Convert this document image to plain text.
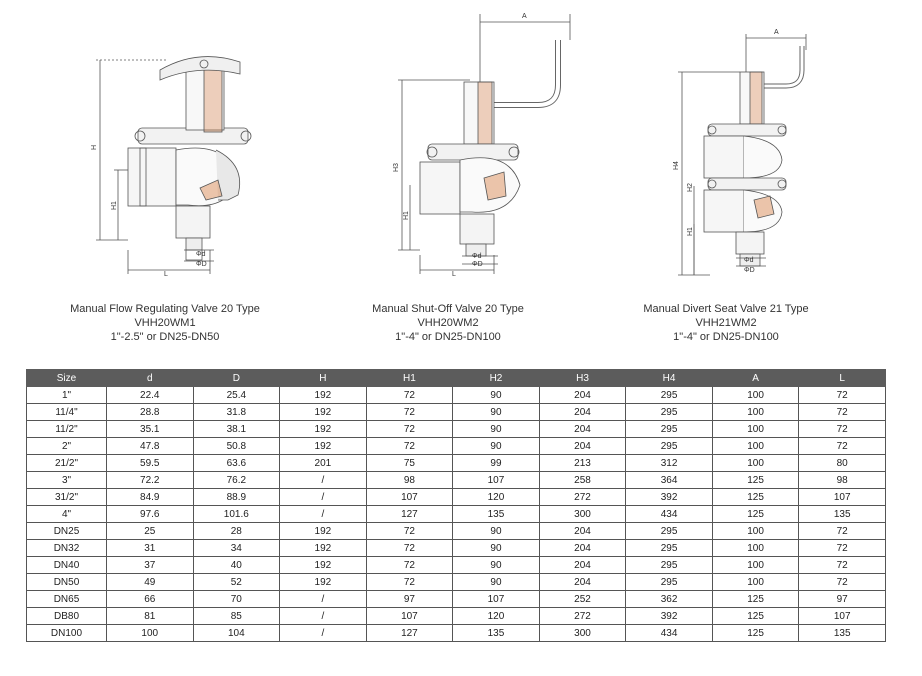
H
H1
Φd
ΦD
L
A
H3
H1
Φd
ΦD
L
A
H4
H2
H1
Φd
ΦD
Manual Flow Regulating Valve 20 Type
VHH20WM1
1"-2.5" or DN25-DN50
Manual Shut-Off Valve 20 Type
VHH20WM2
1"-4" or DN25-DN100
Manual Divert Seat Valve 21 Type
VHH21WM2
1"-4" or DN25-DN100
Size	d	D	H	H1	H2	H3	H4	A	L
1"	22.4	25.4	192	72	90	204	295	100	72
11/4"	28.8	31.8	192	72	90	204	295	100	72
11/2"	35.1	38.1	192	72	90	204	295	100	72
2"	47.8	50.8	192	72	90	204	295	100	72
21/2"	59.5	63.6	201	75	99	213	312	100	80
3"	72.2	76.2	/	98	107	258	364	125	98
31/2"	84.9	88.9	/	107	120	272	392	125	107
4"	97.6	101.6	/	127	135	300	434	125	135
DN25	25	28	192	72	90	204	295	100	72
DN32	31	34	192	72	90	204	295	100	72
DN40	37	40	192	72	90	204	295	100	72
DN50	49	52	192	72	90	204	295	100	72
DN65	66	70	/	97	107	252	362	125	97
DB80	81	85	/	107	120	272	392	125	107
DN100	100	104	/	127	135	300	434	125	135
